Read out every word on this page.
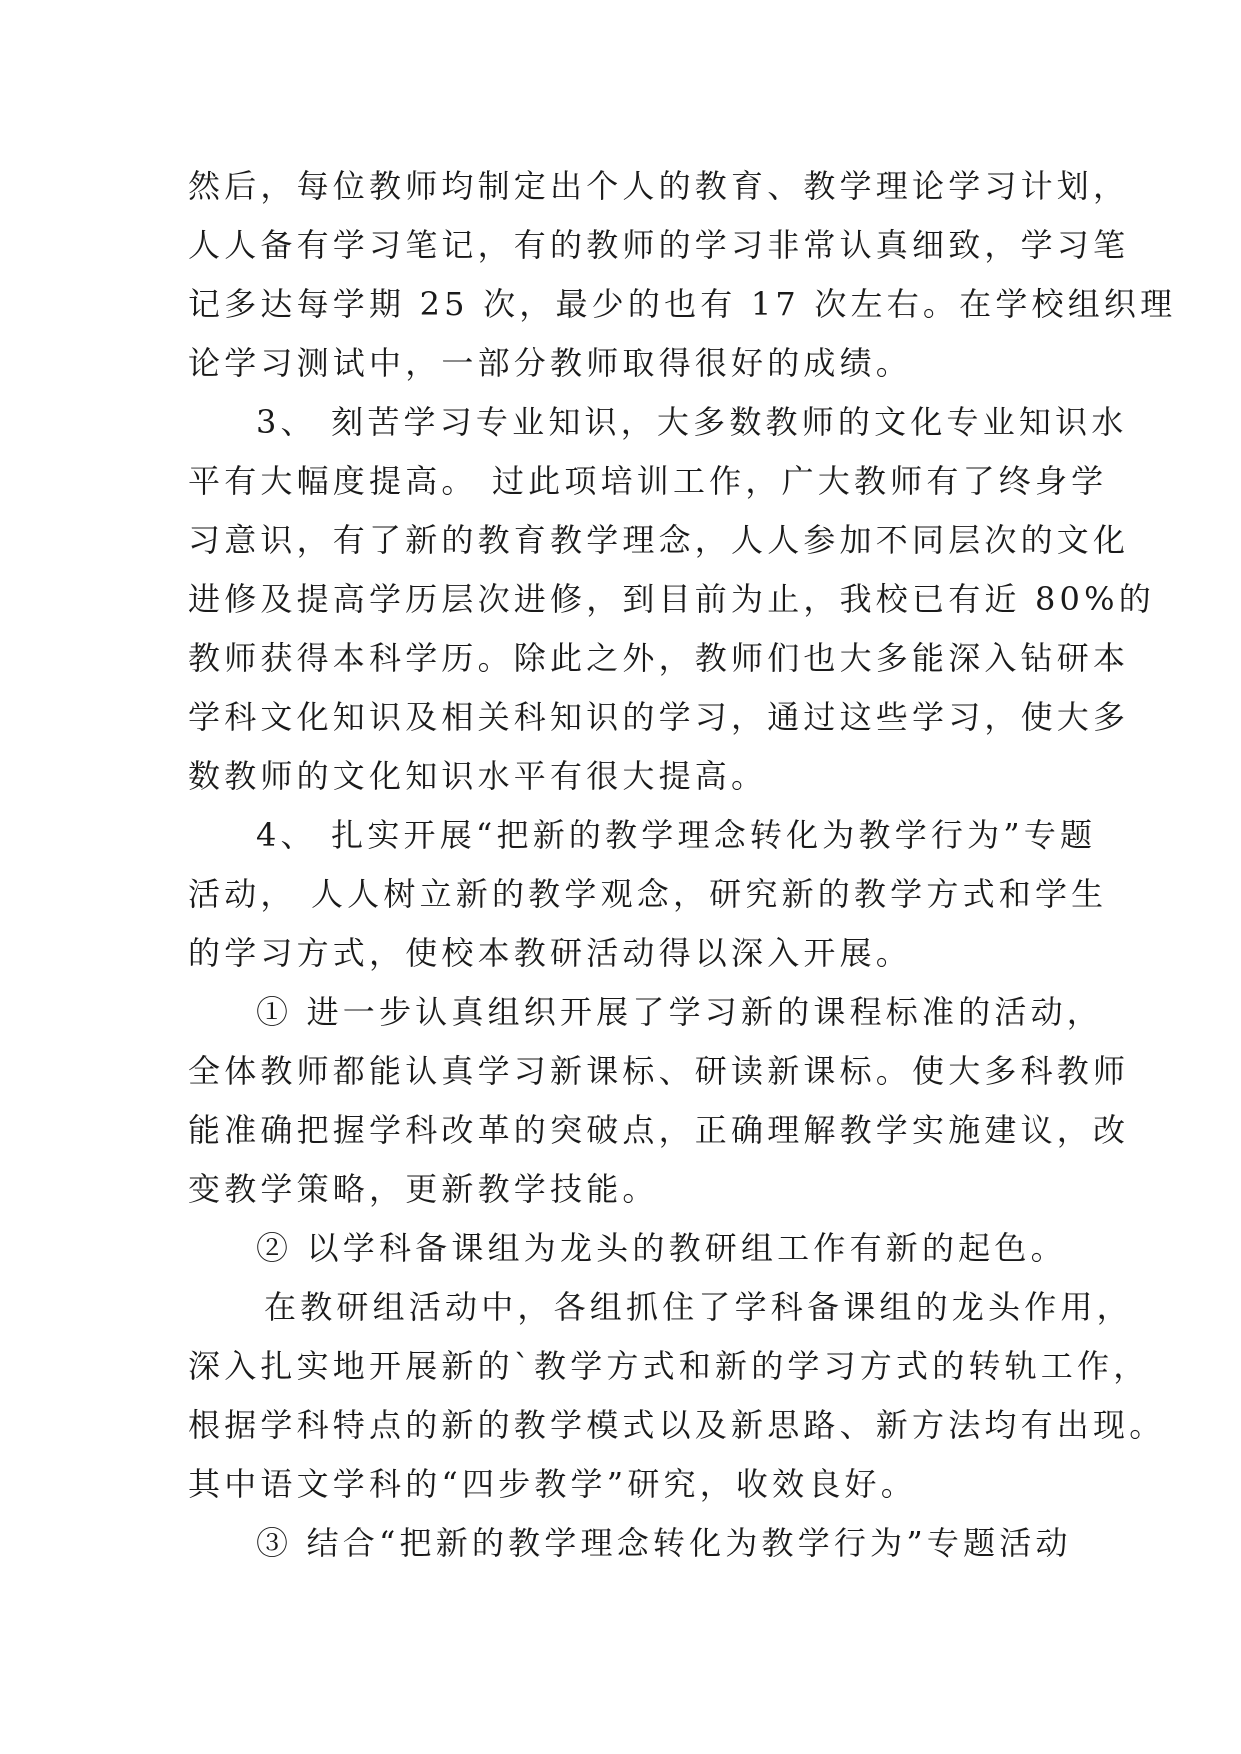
然后，每位教师均制定出个人的教育、教学理论学习计划，
人人备有学习笔记，有的教师的学习非常认真细致，学习笔
记多达每学期 25 次，最少的也有 17 次左右。在学校组织理
论学习测试中，一部分教师取得很好的成绩。
3、 刻苦学习专业知识，大多数教师的文化专业知识水
平有大幅度提高。 过此项培训工作，广大教师有了终身学
习意识，有了新的教育教学理念，人人参加不同层次的文化
进修及提高学历层次进修，到目前为止，我校已有近 80%的
教师获得本科学历。除此之外，教师们也大多能深入钻研本
学科文化知识及相关科知识的学习，通过这些学习，使大多
数教师的文化知识水平有很大提高。
4、 扎实开展“把新的教学理念转化为教学行为”专题
活动， 人人树立新的教学观念，研究新的教学方式和学生
的学习方式，使校本教研活动得以深入开展。
① 进一步认真组织开展了学习新的课程标准的活动，
全体教师都能认真学习新课标、研读新课标。使大多科教师
能准确把握学科改革的突破点，正确理解教学实施建议，改
变教学策略，更新教学技能。
② 以学科备课组为龙头的教研组工作有新的起色。
在教研组活动中，各组抓住了学科备课组的龙头作用，
深入扎实地开展新的`教学方式和新的学习方式的转轨工作，
根据学科特点的新的教学模式以及新思路、新方法均有出现。
其中语文学科的“四步教学”研究，收效良好。
③ 结合“把新的教学理念转化为教学行为”专题活动
